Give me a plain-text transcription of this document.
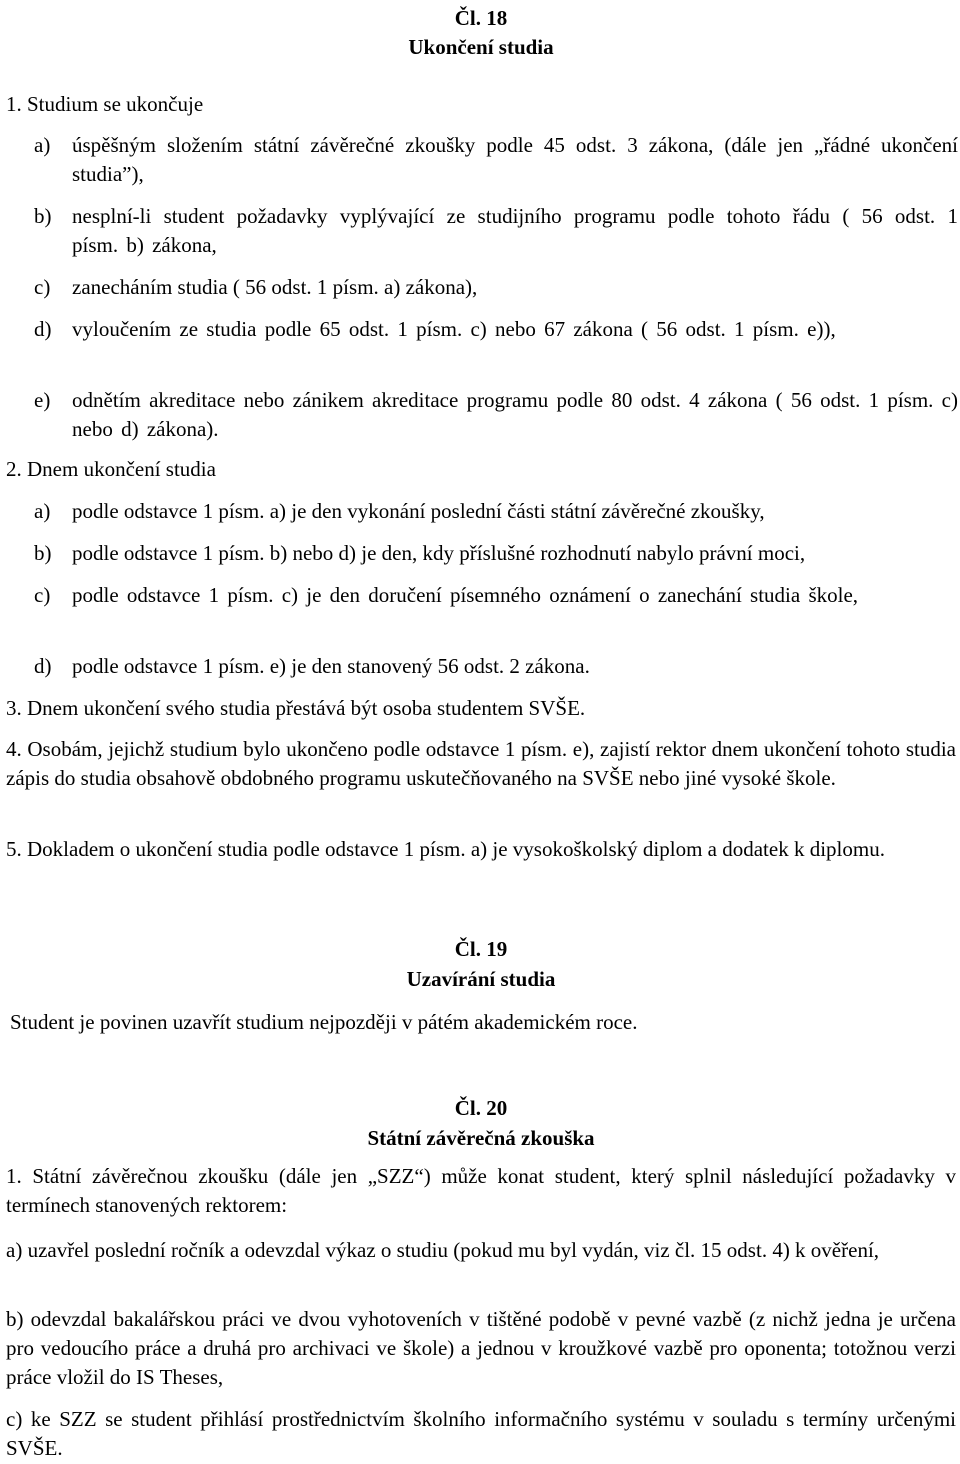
Čl. 18
Ukončení studia
1. Studium se ukončuje
a) úspěšným složením státní závěrečné zkoušky podle 45 odst. 3 zákona, (dále jen „řádné ukončení studia”),
b) nesplní-li student požadavky vyplývající ze studijního programu podle tohoto řádu ( 56 odst. 1 písm. b) zákona,
c) zanecháním studia ( 56 odst. 1 písm. a) zákona),
d) vyloučením ze studia podle 65 odst. 1 písm. c) nebo 67 zákona ( 56 odst. 1 písm. e)),
e) odnětím akreditace nebo zánikem akreditace programu podle 80 odst. 4 zákona ( 56 odst. 1 písm. c) nebo d) zákona).
2. Dnem ukončení studia
a) podle odstavce 1 písm. a) je den vykonání poslední části státní závěrečné zkoušky,
b) podle odstavce 1 písm. b) nebo d) je den, kdy příslušné rozhodnutí nabylo právní moci,
c) podle odstavce 1 písm. c) je den doručení písemného oznámení o zanechání studia škole,
d) podle odstavce 1 písm. e) je den stanovený 56 odst. 2 zákona.
3. Dnem ukončení svého studia přestává být osoba studentem SVŠE.
4. Osobám, jejichž studium bylo ukončeno podle odstavce 1 písm. e), zajistí rektor dnem ukončení tohoto studia zápis do studia obsahově obdobného programu uskutečňovaného na SVŠE nebo jiné vysoké škole.
5. Dokladem o ukončení studia podle odstavce 1 písm. a) je vysokoškolský diplom a dodatek k diplomu.
Čl. 19
Uzavírání studia
Student je povinen uzavřít studium nejpozději v pátém akademickém roce.
Čl. 20
Státní závěrečná zkouška
1. Státní závěrečnou zkoušku (dále jen „SZZ“) může konat student, který splnil následující požadavky v termínech stanovených rektorem:
a) uzavřel poslední ročník a odevzdal výkaz o studiu (pokud mu byl vydán, viz čl. 15 odst. 4) k ověření,
b) odevzdal bakalářskou práci ve dvou vyhotoveních v tištěné podobě v pevné vazbě (z nichž jedna je určena pro vedoucího práce a druhá pro archivaci ve škole) a jednou v kroužkové vazbě pro oponenta; totožnou verzi práce vložil do IS Theses,
c) ke SZZ se student přihlásí prostřednictvím školního informačního systému v souladu s termíny určenými SVŠE.
